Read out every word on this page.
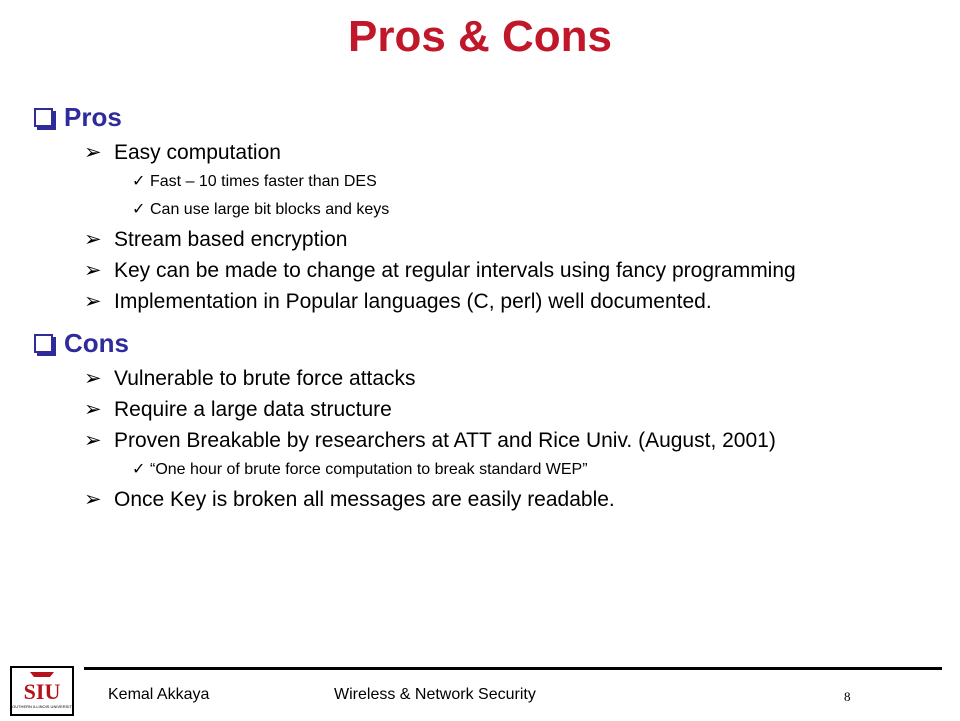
Pros & Cons
Pros
➢ Easy computation
✓ Fast – 10 times faster than DES
✓ Can use large bit blocks and keys
➢ Stream based encryption
➢ Key can be made to change at regular intervals using fancy programming
➢ Implementation in Popular languages (C, perl) well documented.
Cons
➢ Vulnerable to brute force attacks
➢ Require a large data structure
➢ Proven Breakable by researchers at ATT and Rice Univ. (August, 2001)
✓ “One hour of brute force computation to break standard WEP”
➢ Once Key is broken all messages are easily readable.
SIU
SOUTHERN ILLINOIS UNIVERSITY
Kemal Akkaya	Wireless & Network Security	8
